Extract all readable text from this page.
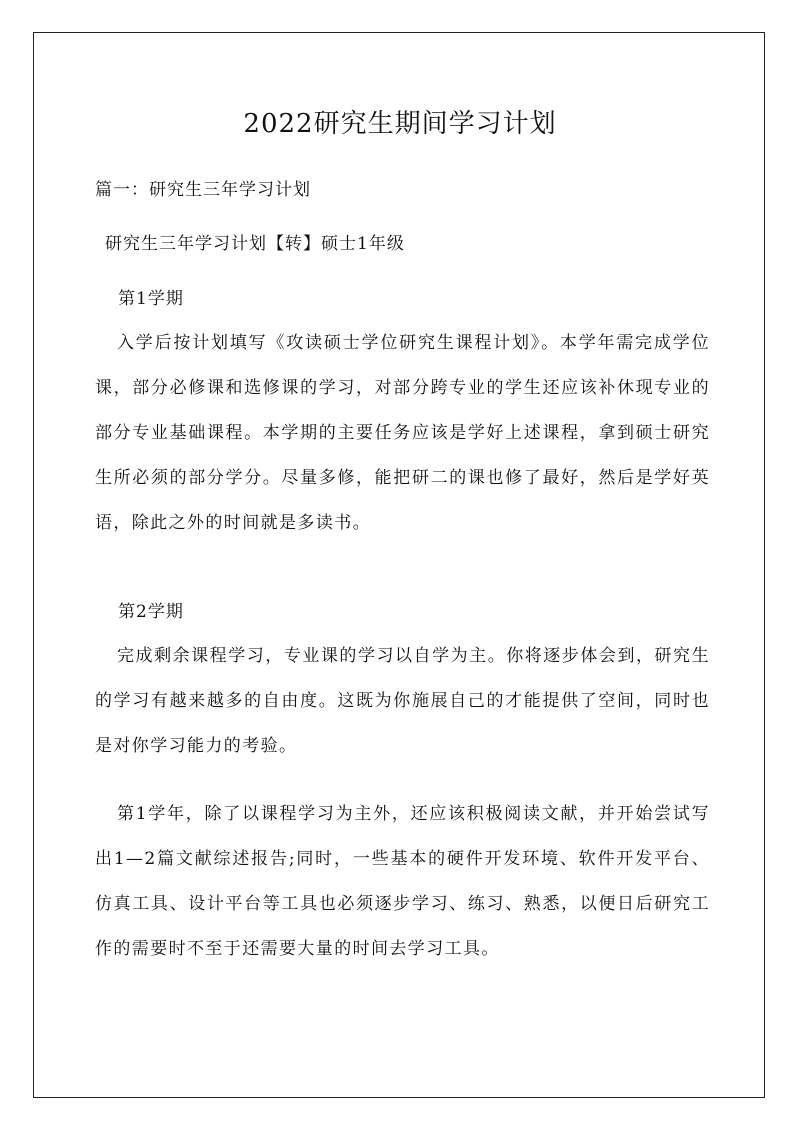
2022研究生期间学习计划
篇一：研究生三年学习计划
研究生三年学习计划【转】硕士1年级
第1学期

入学后按计划填写《攻读硕士学位研究生课程计划》。本学年需完成学位课，部分必修课和选修课的学习，对部分跨专业的学生还应该补休现专业的部分专业基础课程。本学期的主要任务应该是学好上述课程，拿到硕士研究生所必须的部分学分。尽量多修，能把研二的课也修了最好，然后是学好英语，除此之外的时间就是多读书。

第2学期

完成剩余课程学习，专业课的学习以自学为主。你将逐步体会到，研究生的学习有越来越多的自由度。这既为你施展自己的才能提供了空间，同时也是对你学习能力的考验。

第1学年，除了以课程学习为主外，还应该积极阅读文献，并开始尝试写出1—2篇文献综述报告;同时，一些基本的硬件开发环境、软件开发平台、仿真工具、设计平台等工具也必须逐步学习、练习、熟悉，以便日后研究工作的需要时不至于还需要大量的时间去学习工具。
